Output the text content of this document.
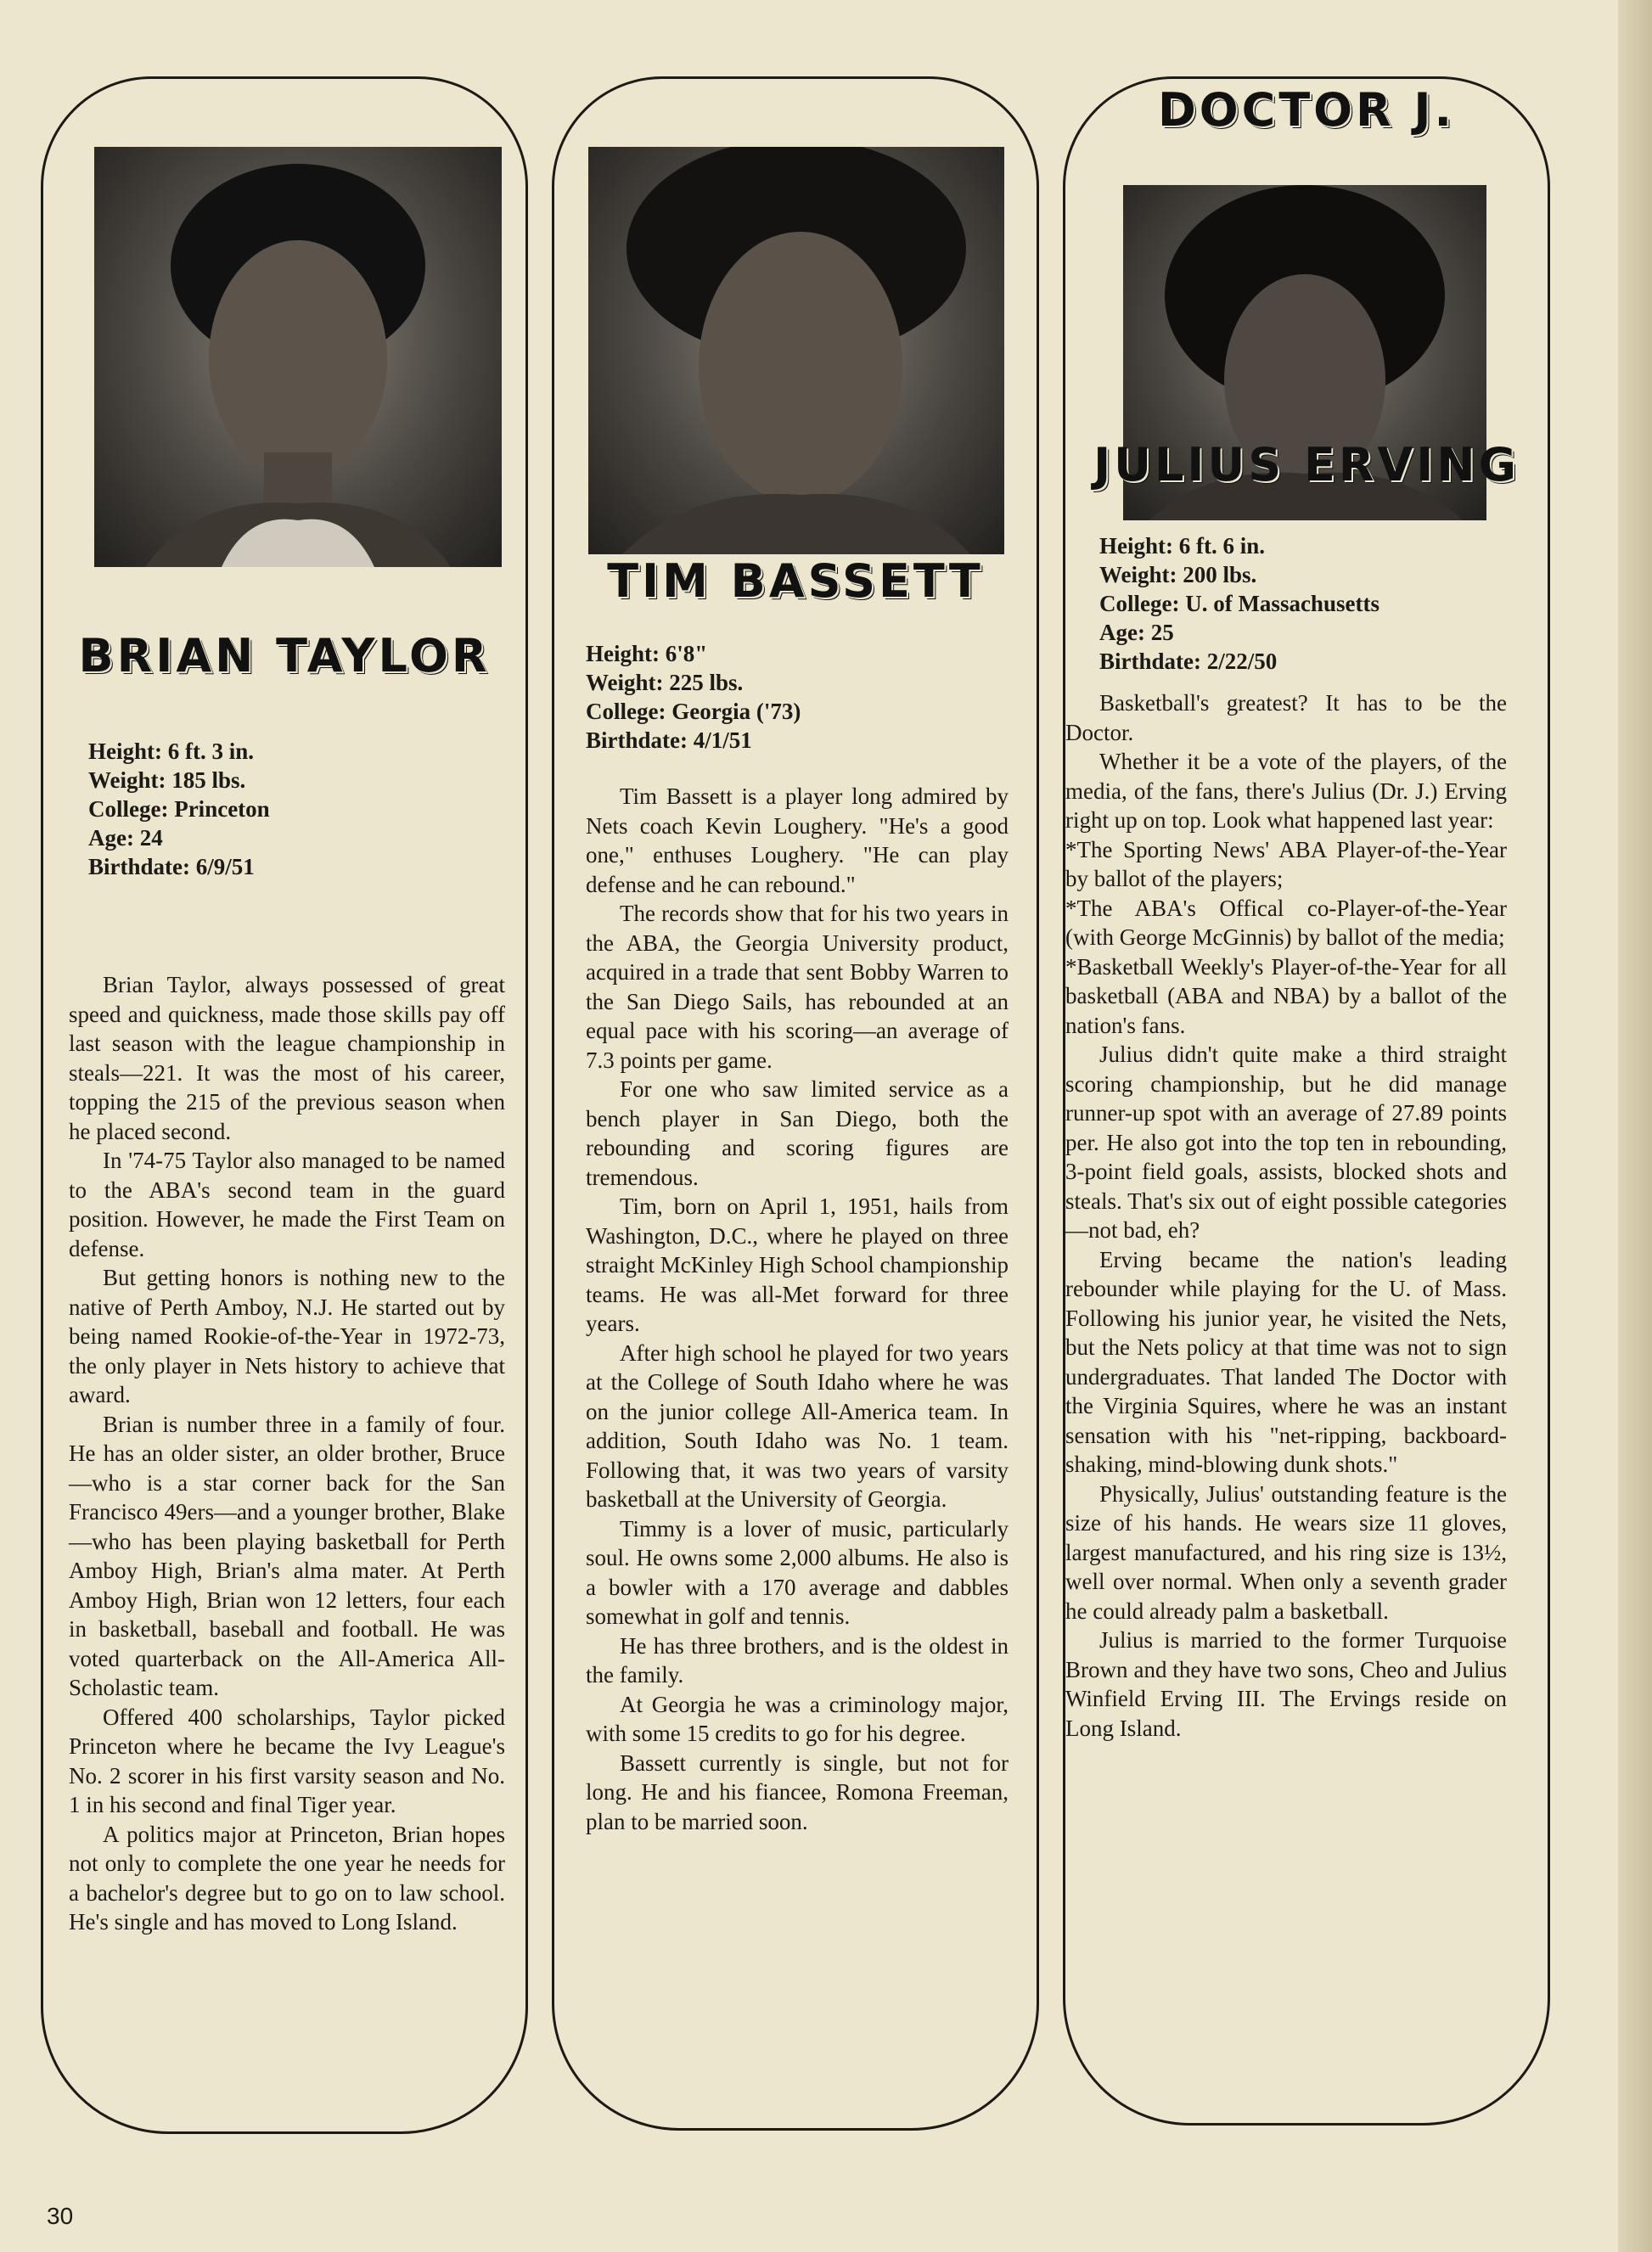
BRIAN TAYLOR
Height: 6 ft. 3 in.
Weight: 185 lbs.
College: Princeton
Age: 24
Birthdate: 6/9/51

Brian Taylor, always possessed of great speed and quickness, made those skills pay off last season with the league championship in steals—221. It was the most of his career, topping the 215 of the previous season when he placed second.

In '74-75 Taylor also managed to be named to the ABA's second team in the guard position. However, he made the First Team on defense.

But getting honors is nothing new to the native of Perth Amboy, N.J. He started out by being named Rookie-of-the-Year in 1972-73, the only player in Nets history to achieve that award.

Brian is number three in a family of four. He has an older sister, an older brother, Bruce—who is a star corner back for the San Francisco 49ers—and a younger brother, Blake—who has been playing basketball for Perth Amboy High, Brian's alma mater. At Perth Amboy High, Brian won 12 letters, four each in basketball, baseball and football. He was voted quarterback on the All-America All-Scholastic team.

Offered 400 scholarships, Taylor picked Princeton where he became the Ivy League's No. 2 scorer in his first varsity season and No. 1 in his second and final Tiger year.

A politics major at Princeton, Brian hopes not only to complete the one year he needs for a bachelor's degree but to go on to law school. He's single and has moved to Long Island.

TIM BASSETT
Height: 6'8"
Weight: 225 lbs.
College: Georgia ('73)
Birthdate: 4/1/51

Tim Bassett is a player long admired by Nets coach Kevin Loughery. "He's a good one," enthuses Loughery. "He can play defense and he can rebound."

The records show that for his two years in the ABA, the Georgia University product, acquired in a trade that sent Bobby Warren to the San Diego Sails, has rebounded at an equal pace with his scoring—an average of 7.3 points per game.

For one who saw limited service as a bench player in San Diego, both the rebounding and scoring figures are tremendous.

Tim, born on April 1, 1951, hails from Washington, D.C., where he played on three straight McKinley High School championship teams. He was all-Met forward for three years.

After high school he played for two years at the College of South Idaho where he was on the junior college All-America team. In addition, South Idaho was No. 1 team. Following that, it was two years of varsity basketball at the University of Georgia.

Timmy is a lover of music, particularly soul. He owns some 2,000 albums. He also is a bowler with a 170 average and dabbles somewhat in golf and tennis.

He has three brothers, and is the oldest in the family.

At Georgia he was a criminology major, with some 15 credits to go for his degree.

Bassett currently is single, but not for long. He and his fiancee, Romona Freeman, plan to be married soon.

DOCTOR J.
JULIUS ERVING
Height: 6 ft. 6 in.
Weight: 200 lbs.
College: U. of Massachusetts
Age: 25
Birthdate: 2/22/50

Basketball's greatest? It has to be the Doctor.

Whether it be a vote of the players, of the media, of the fans, there's Julius (Dr. J.) Erving right up on top. Look what happened last year:

*The Sporting News' ABA Player-of-the-Year by ballot of the players;

*The ABA's Offical co-Player-of-the-Year (with George McGinnis) by ballot of the media;

*Basketball Weekly's Player-of-the-Year for all basketball (ABA and NBA) by a ballot of the nation's fans.

Julius didn't quite make a third straight scoring championship, but he did manage runner-up spot with an average of 27.89 points per. He also got into the top ten in rebounding, 3-point field goals, assists, blocked shots and steals. That's six out of eight possible categories—not bad, eh?

Erving became the nation's leading rebounder while playing for the U. of Mass. Following his junior year, he visited the Nets, but the Nets policy at that time was not to sign undergraduates. That landed The Doctor with the Virginia Squires, where he was an instant sensation with his "net-ripping, backboard-shaking, mind-blowing dunk shots."

Physically, Julius' outstanding feature is the size of his hands. He wears size 11 gloves, largest manufactured, and his ring size is 13½, well over normal. When only a seventh grader he could already palm a basketball.

Julius is married to the former Turquoise Brown and they have two sons, Cheo and Julius Winfield Erving III. The Ervings reside on Long Island.

30
